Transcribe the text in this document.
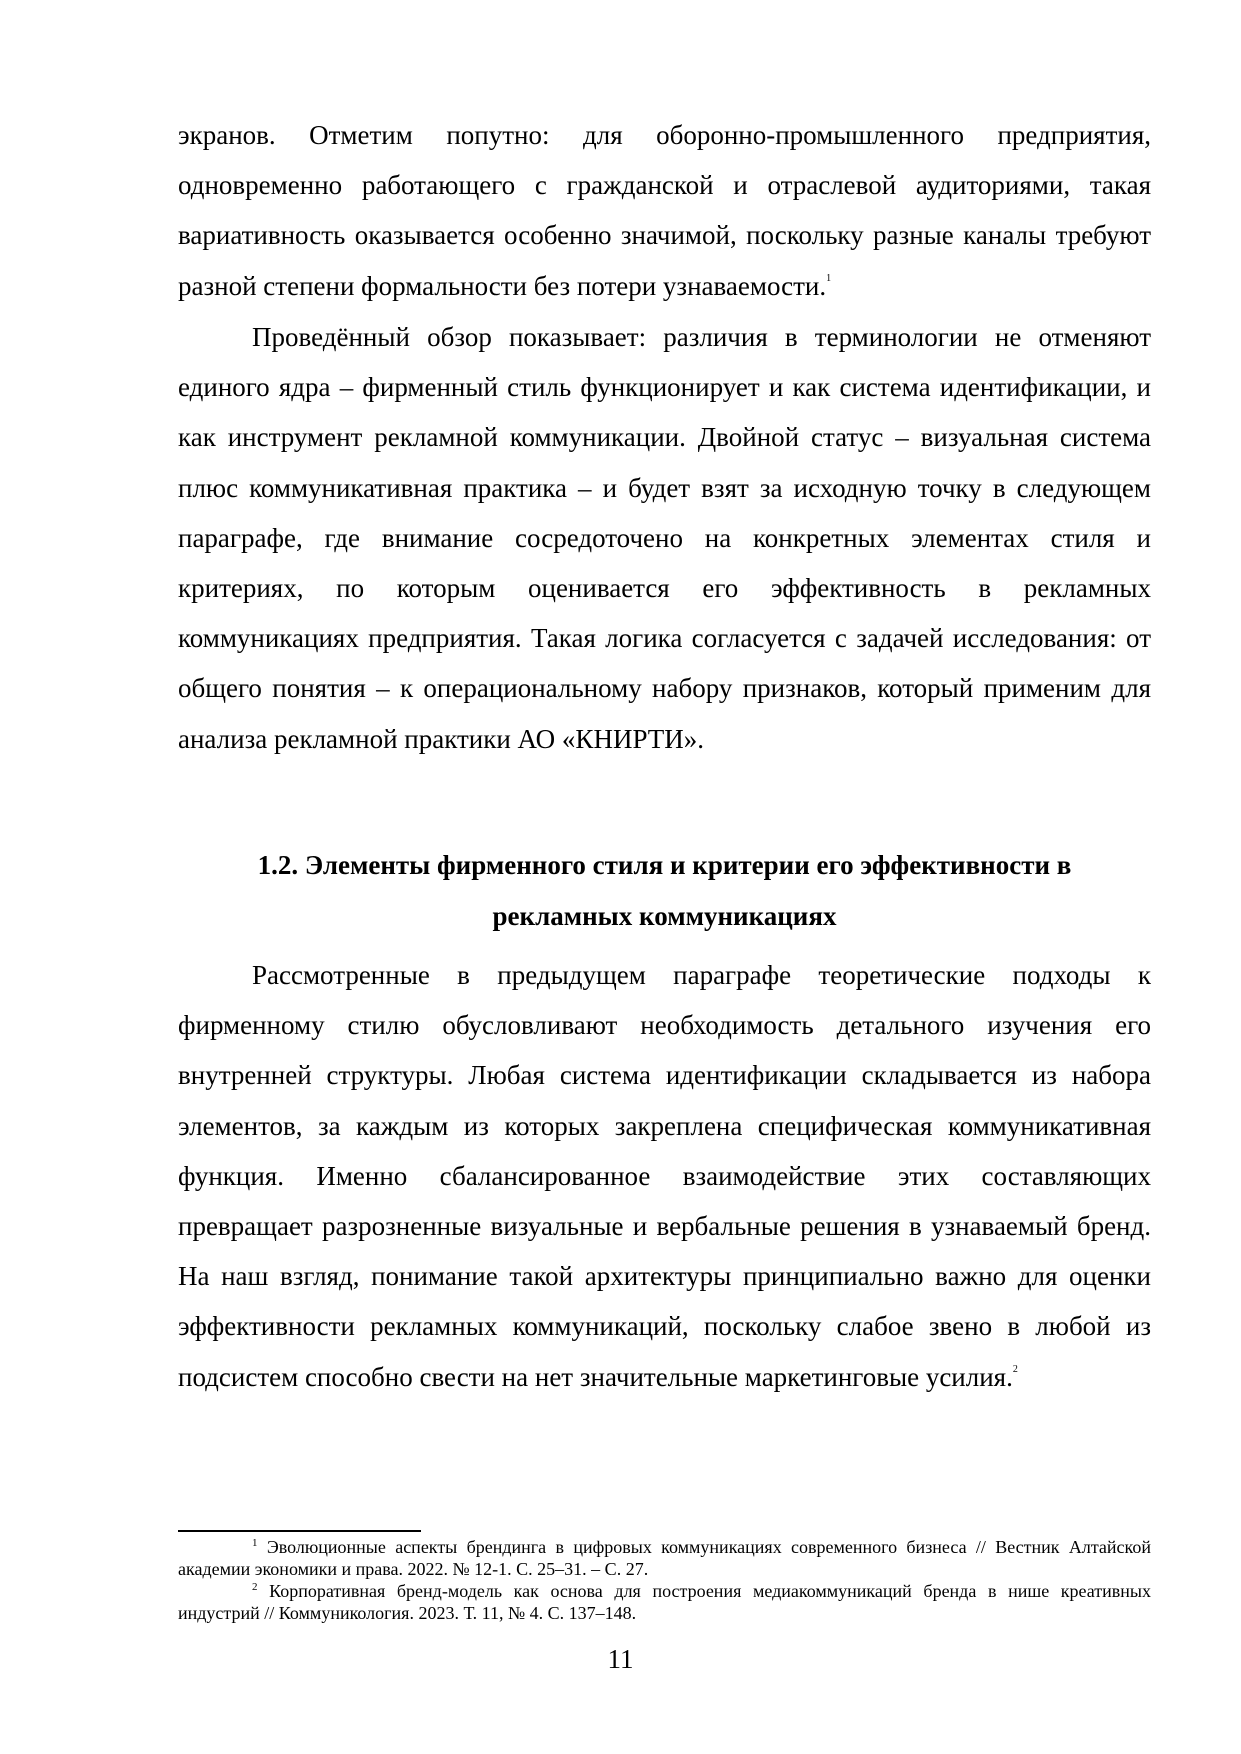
экранов. Отметим попутно: для оборонно-промышленного предприятия, одновременно работающего с гражданской и отраслевой аудиториями, такая вариативность оказывается особенно значимой, поскольку разные каналы требуют разной степени формальности без потери узнаваемости.$^1$

Проведённый обзор показывает: различия в терминологии не отменяют единого ядра – фирменный стиль функционирует и как система идентификации, и как инструмент рекламной коммуникации. Двойной статус – визуальная система плюс коммуникативная практика – и будет взят за исходную точку в следующем параграфе, где внимание сосредоточено на конкретных элементах стиля и критериях, по которым оценивается его эффективность в рекламных коммуникациях предприятия. Такая логика согласуется с задачей исследования: от общего понятия – к операциональному набору признаков, который применим для анализа рекламной практики АО «КНИРТИ».

1.2. Элементы фирменного стиля и критерии его эффективности в
рекламных коммуникациях

Рассмотренные в предыдущем параграфе теоретические подходы к фирменному стилю обусловливают необходимость детального изучения его внутренней структуры. Любая система идентификации складывается из набора элементов, за каждым из которых закреплена специфическая коммуникативная функция. Именно сбалансированное взаимодействие этих составляющих превращает разрозненные визуальные и вербальные решения в узнаваемый бренд. На наш взгляд, понимание такой архитектуры принципиально важно для оценки эффективности рекламных коммуникаций, поскольку слабое звено в любой из подсистем способно свести на нет значительные маркетинговые усилия.$^2$

$^1$ Эволюционные аспекты брендинга в цифровых коммуникациях современного бизнеса // Вестник Алтайской академии экономики и права. 2022. № 12-1. С. 25–31. – С. 27.
$^2$ Корпоративная бренд-модель как основа для построения медиакоммуникаций бренда в нише креативных индустрий // Коммуникология. 2023. Т. 11, № 4. С. 137–148.
11
